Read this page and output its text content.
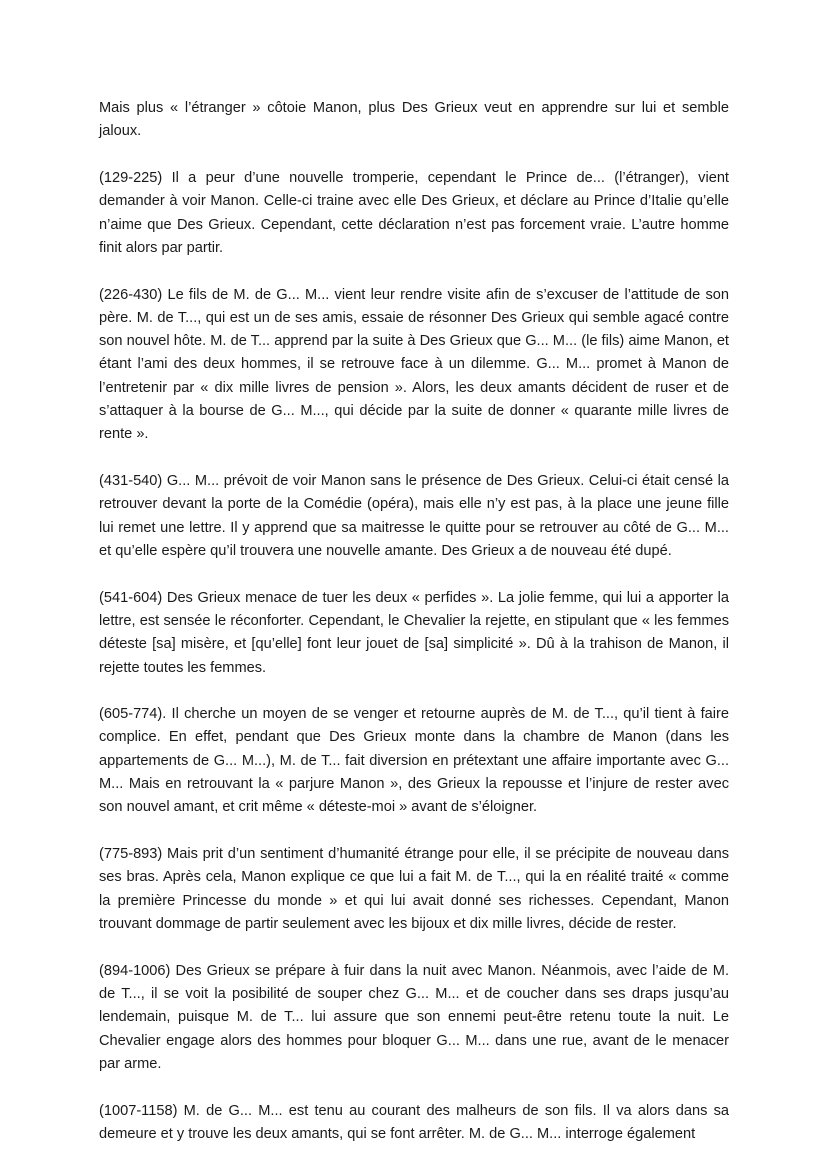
Mais plus « l’étranger » côtoie Manon, plus Des Grieux veut en apprendre sur lui et semble jaloux.

(129-225) Il a peur d’une nouvelle tromperie, cependant le Prince de... (l’étranger), vient demander à voir Manon. Celle-ci traine avec elle Des Grieux, et déclare au Prince d’Italie qu’elle n’aime que Des Grieux. Cependant, cette déclaration n’est pas forcement vraie. L’autre homme finit alors par partir.

(226-430) Le fils de M. de G... M... vient leur rendre visite afin de s’excuser de l’attitude de son père. M. de T..., qui est un de ses amis, essaie de résonner Des Grieux qui semble agacé contre son nouvel hôte. M. de T... apprend par la suite à Des Grieux que G... M... (le fils) aime Manon, et étant l’ami des deux hommes, il se retrouve face à un dilemme. G... M... promet à Manon de l’entretenir par « dix mille livres de pension ». Alors, les deux amants décident de ruser et de s’attaquer à la bourse de G... M..., qui décide par la suite de donner « quarante mille livres de rente ».

(431-540) G... M... prévoit de voir Manon sans le présence de Des Grieux. Celui-ci était censé la retrouver devant la porte de la Comédie (opéra), mais elle n’y est pas, à la place une jeune fille lui remet une lettre. Il y apprend que sa maitresse le quitte pour se retrouver au côté de G... M... et qu’elle espère qu’il trouvera une nouvelle amante. Des Grieux a de nouveau été dupé.

(541-604) Des Grieux menace de tuer les deux « perfides ». La jolie femme, qui lui a apporter la lettre, est sensée le réconforter. Cependant, le Chevalier la rejette, en stipulant que « les femmes déteste [sa] misère, et [qu’elle] font leur jouet de [sa] simplicité ». Dû à la trahison de Manon, il rejette toutes les femmes.

(605-774). Il cherche un moyen de se venger et retourne auprès de M. de T..., qu’il tient à faire complice. En effet, pendant que Des Grieux monte dans la chambre de Manon (dans les appartements de G... M...), M. de T... fait diversion en prétextant une affaire importante avec G... M... Mais en retrouvant la « parjure Manon », des Grieux la repousse et l’injure de rester avec son nouvel amant, et crit même « déteste-moi » avant de s’éloigner.

(775-893) Mais prit d’un sentiment d’humanité étrange pour elle, il se précipite de nouveau dans ses bras. Après cela, Manon explique ce que lui a fait M. de T..., qui la en réalité traité « comme la première Princesse du monde » et qui lui avait donné ses richesses. Cependant, Manon trouvant dommage de partir seulement avec les bijoux et dix mille livres, décide de rester.

(894-1006) Des Grieux se prépare à fuir dans la nuit avec Manon. Néanmois, avec l’aide de M. de T..., il se voit la posibilité de souper chez G... M... et de coucher dans ses draps jusqu’au lendemain, puisque M. de T... lui assure que son ennemi peut-être retenu toute la nuit. Le Chevalier engage alors des hommes pour bloquer G... M... dans une rue, avant de le menacer par arme.

(1007-1158) M. de G... M... est tenu au courant des malheurs de son fils. Il va alors dans sa demeure et y trouve les deux amants, qui se font arrêter. M. de G... M... interroge également
